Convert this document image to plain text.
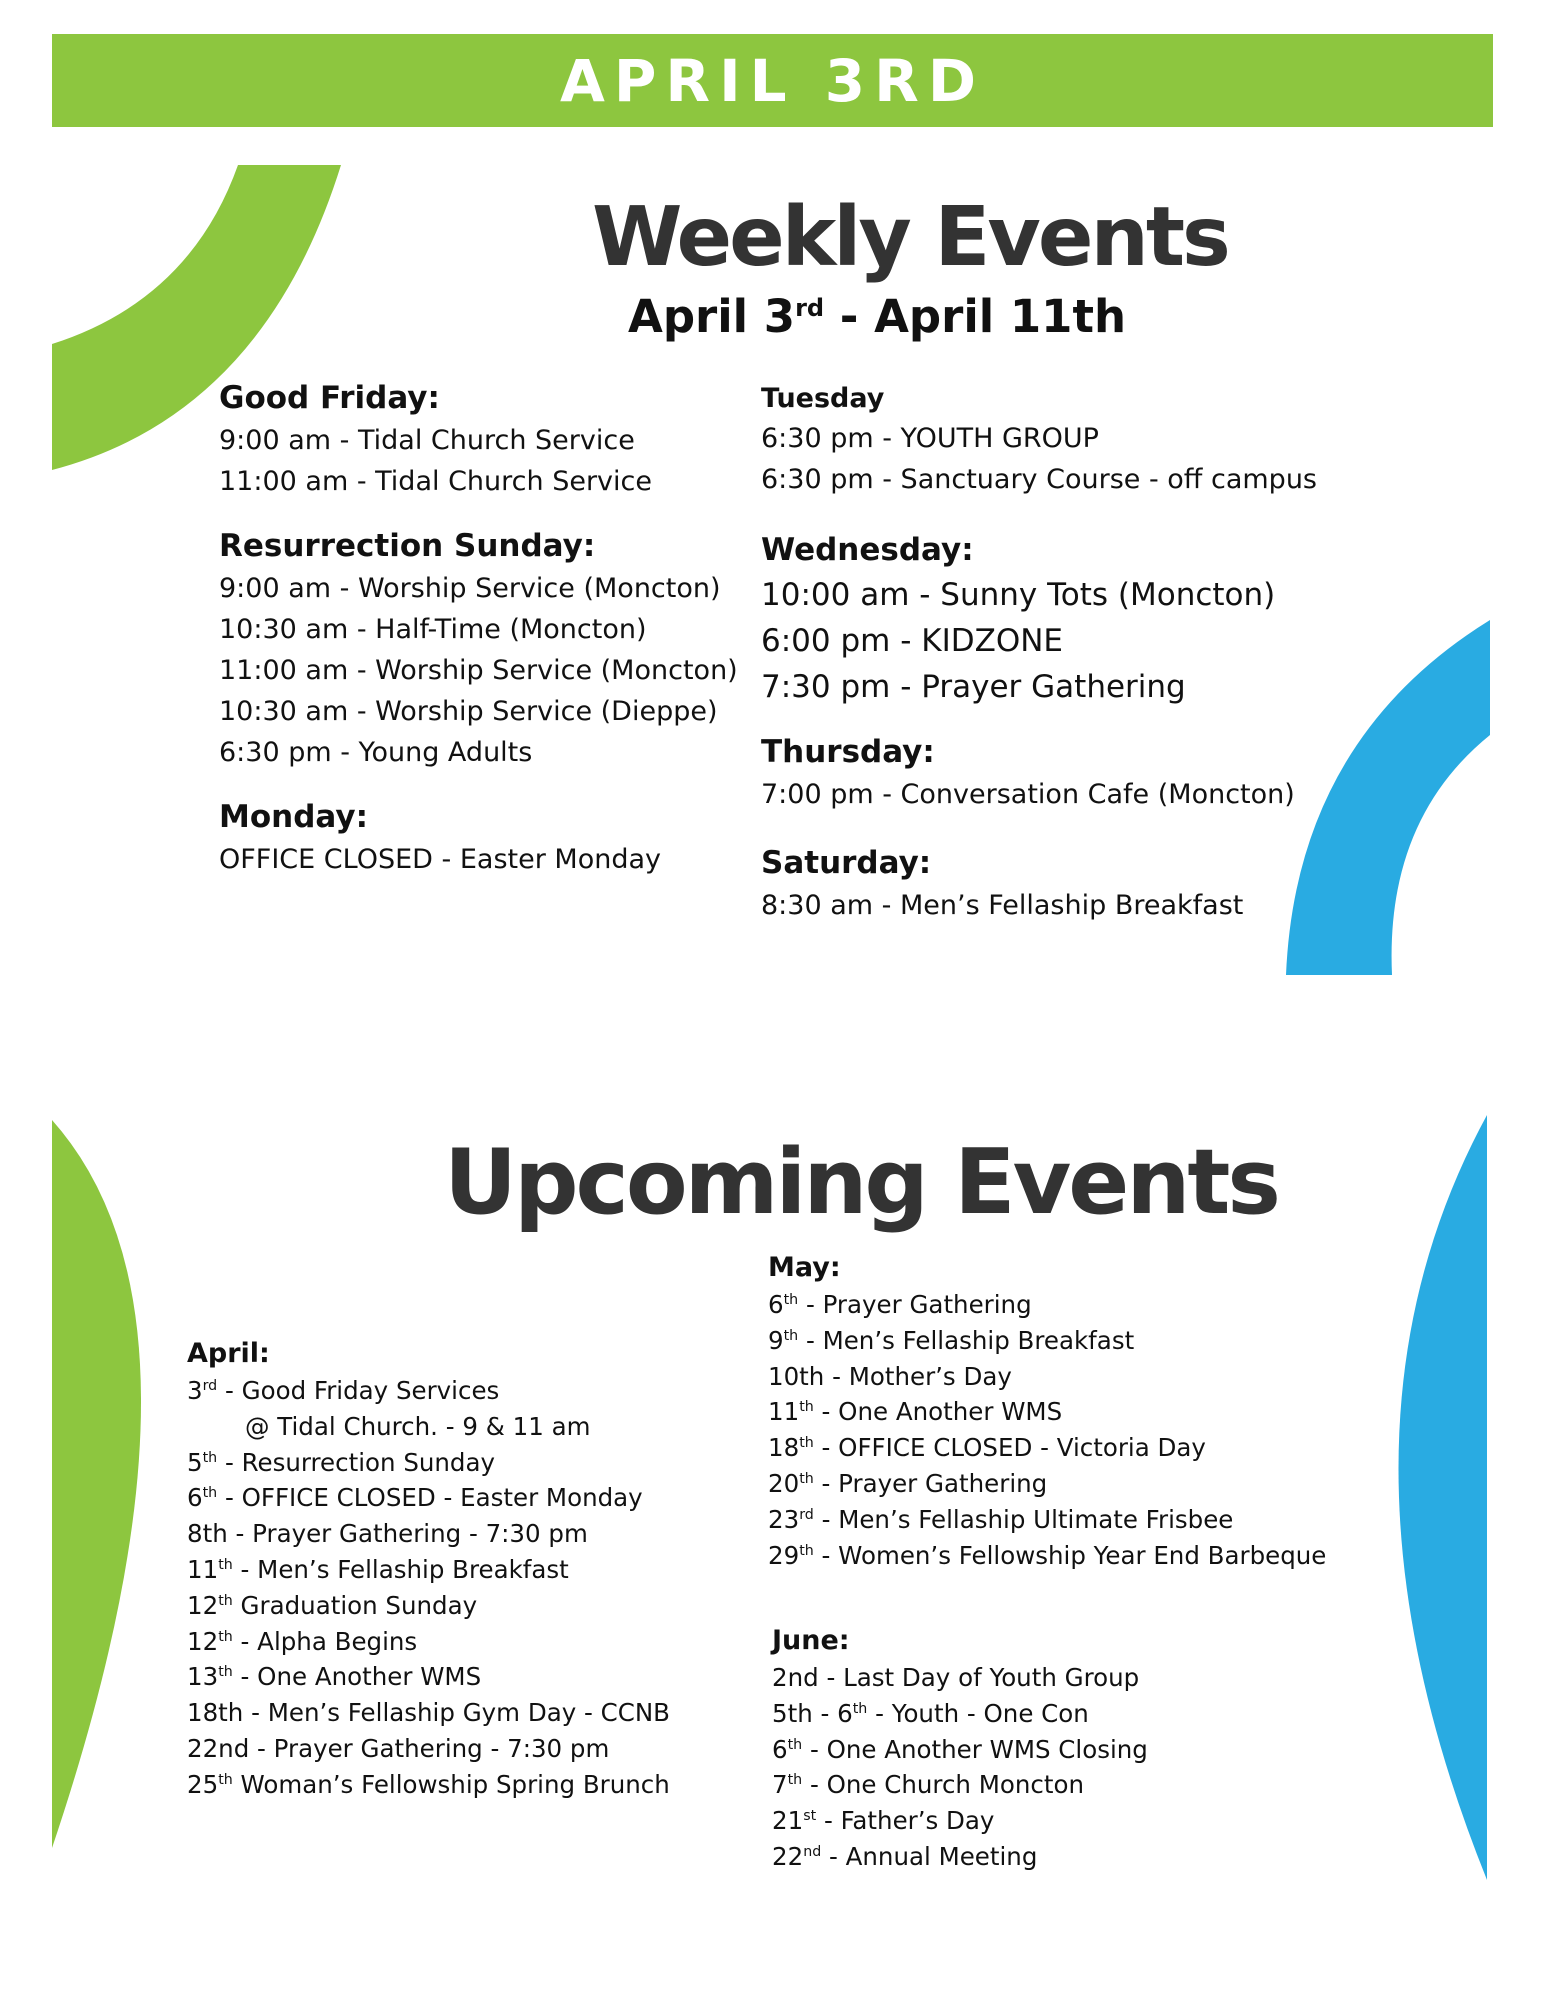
APRIL 3RD
Weekly Events
April 3rd - April 11th
Good Friday:
9:00 am - Tidal Church Service
11:00 am - Tidal Church Service
Resurrection Sunday:
9:00 am - Worship Service (Moncton)
10:30 am - Half-Time (Moncton)
11:00 am - Worship Service (Moncton)
10:30 am - Worship Service (Dieppe)
6:30 pm - Young Adults
Monday:
OFFICE CLOSED - Easter Monday
Tuesday
6:30 pm - YOUTH GROUP
6:30 pm - Sanctuary Course - off campus
Wednesday:
10:00 am - Sunny Tots (Moncton)
6:00 pm - KIDZONE
7:30 pm - Prayer Gathering
Thursday:
7:00 pm - Conversation Cafe (Moncton)
Saturday:
8:30 am - Men’s Fellaship Breakfast
Upcoming Events
April:
3rd - Good Friday Services
@ Tidal Church. - 9 & 11 am
5th - Resurrection Sunday
6th - OFFICE CLOSED - Easter Monday
8th - Prayer Gathering - 7:30 pm
11th - Men’s Fellaship Breakfast
12th Graduation Sunday
12th - Alpha Begins
13th - One Another WMS
18th - Men’s Fellaship Gym Day - CCNB
22nd - Prayer Gathering - 7:30 pm
25th Woman’s Fellowship Spring Brunch
May:
6th - Prayer Gathering
9th - Men’s Fellaship Breakfast
10th - Mother’s Day
11th - One Another WMS
18th - OFFICE CLOSED - Victoria Day
20th - Prayer Gathering
23rd - Men’s Fellaship Ultimate Frisbee
29th - Women’s Fellowship Year End Barbeque
June:
2nd - Last Day of Youth Group
5th - 6th - Youth - One Con
6th - One Another WMS Closing
7th - One Church Moncton
21st - Father’s Day
22nd - Annual Meeting
